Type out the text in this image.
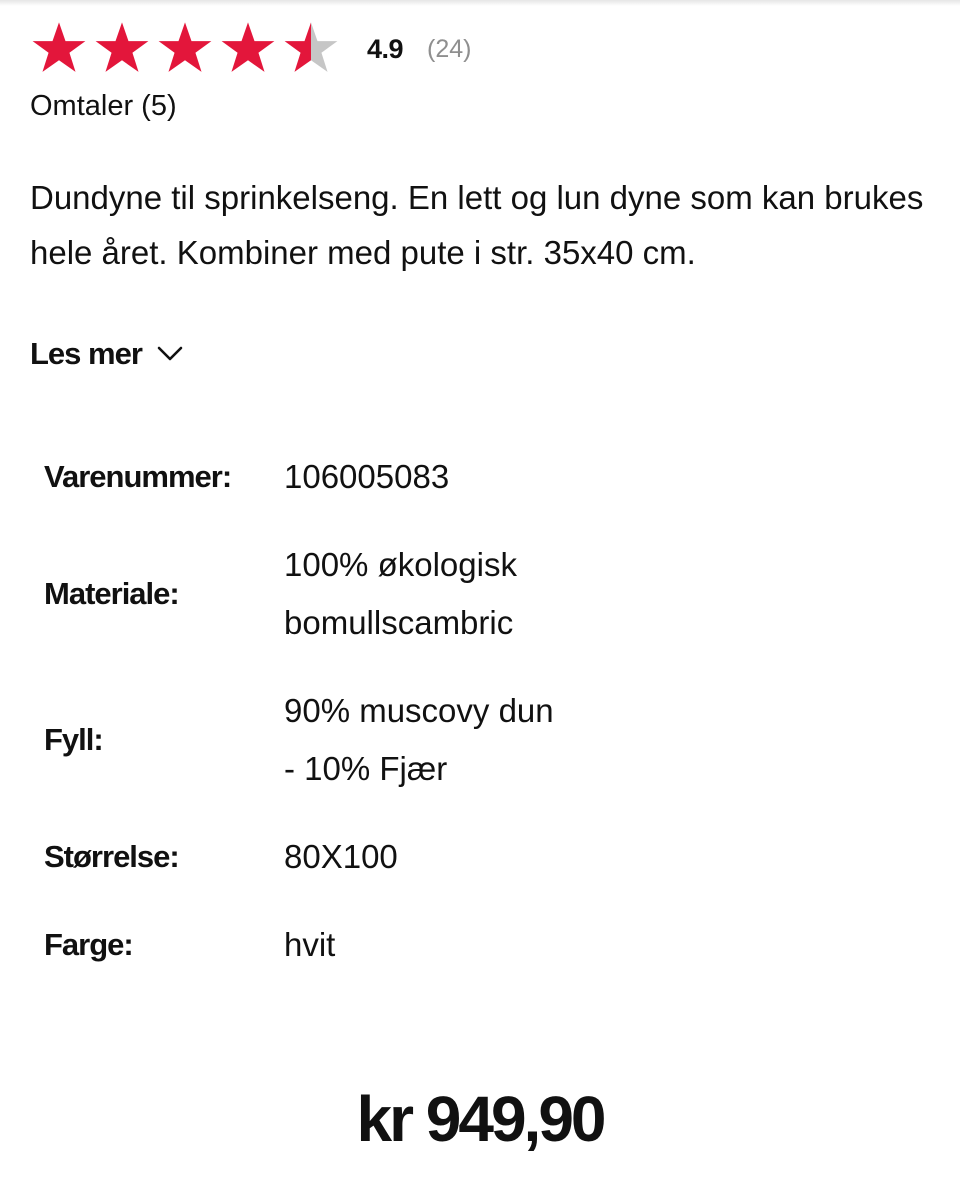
4.9 (24)
Omtaler (5)

Dundyne til sprinkelseng. En lett og lun dyne som kan brukes hele året. Kombiner med pute i str. 35x40 cm.

Les mer
Varenummer:	106005083
Materiale:
100% økologisk
bomullscambric
Fyll:
90% muscovy dun
- 10% Fjær
Størrelse:	80X100
Farge:	hvit
kr 949,90
